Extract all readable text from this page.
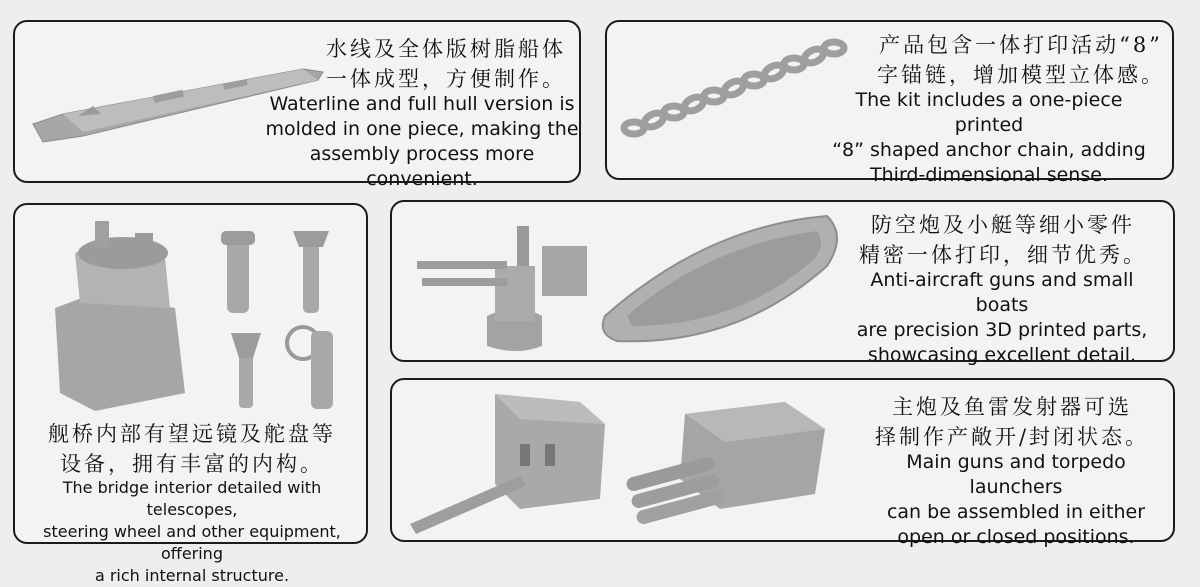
水线及全体版树脂船体
一体成型，方便制作。
Waterline and full hull version is
molded in one piece, making the
assembly process more convenient.
产品包含一体打印活动“8”
字锚链，增加模型立体感。
The kit includes a one-piece printed
“8” shaped anchor chain, adding
Third-dimensional sense.
舰桥内部有望远镜及舵盘等
设备，拥有丰富的内构。
The bridge interior detailed with telescopes,
steering wheel and other equipment, offering
a rich internal structure.
防空炮及小艇等细小零件
精密一体打印，细节优秀。
Anti-aircraft guns and small boats
are precision 3D printed parts,
showcasing excellent detail.
主炮及鱼雷发射器可选
择制作产敞开/封闭状态。
Main guns and torpedo launchers
can be assembled in either
open or closed positions.
